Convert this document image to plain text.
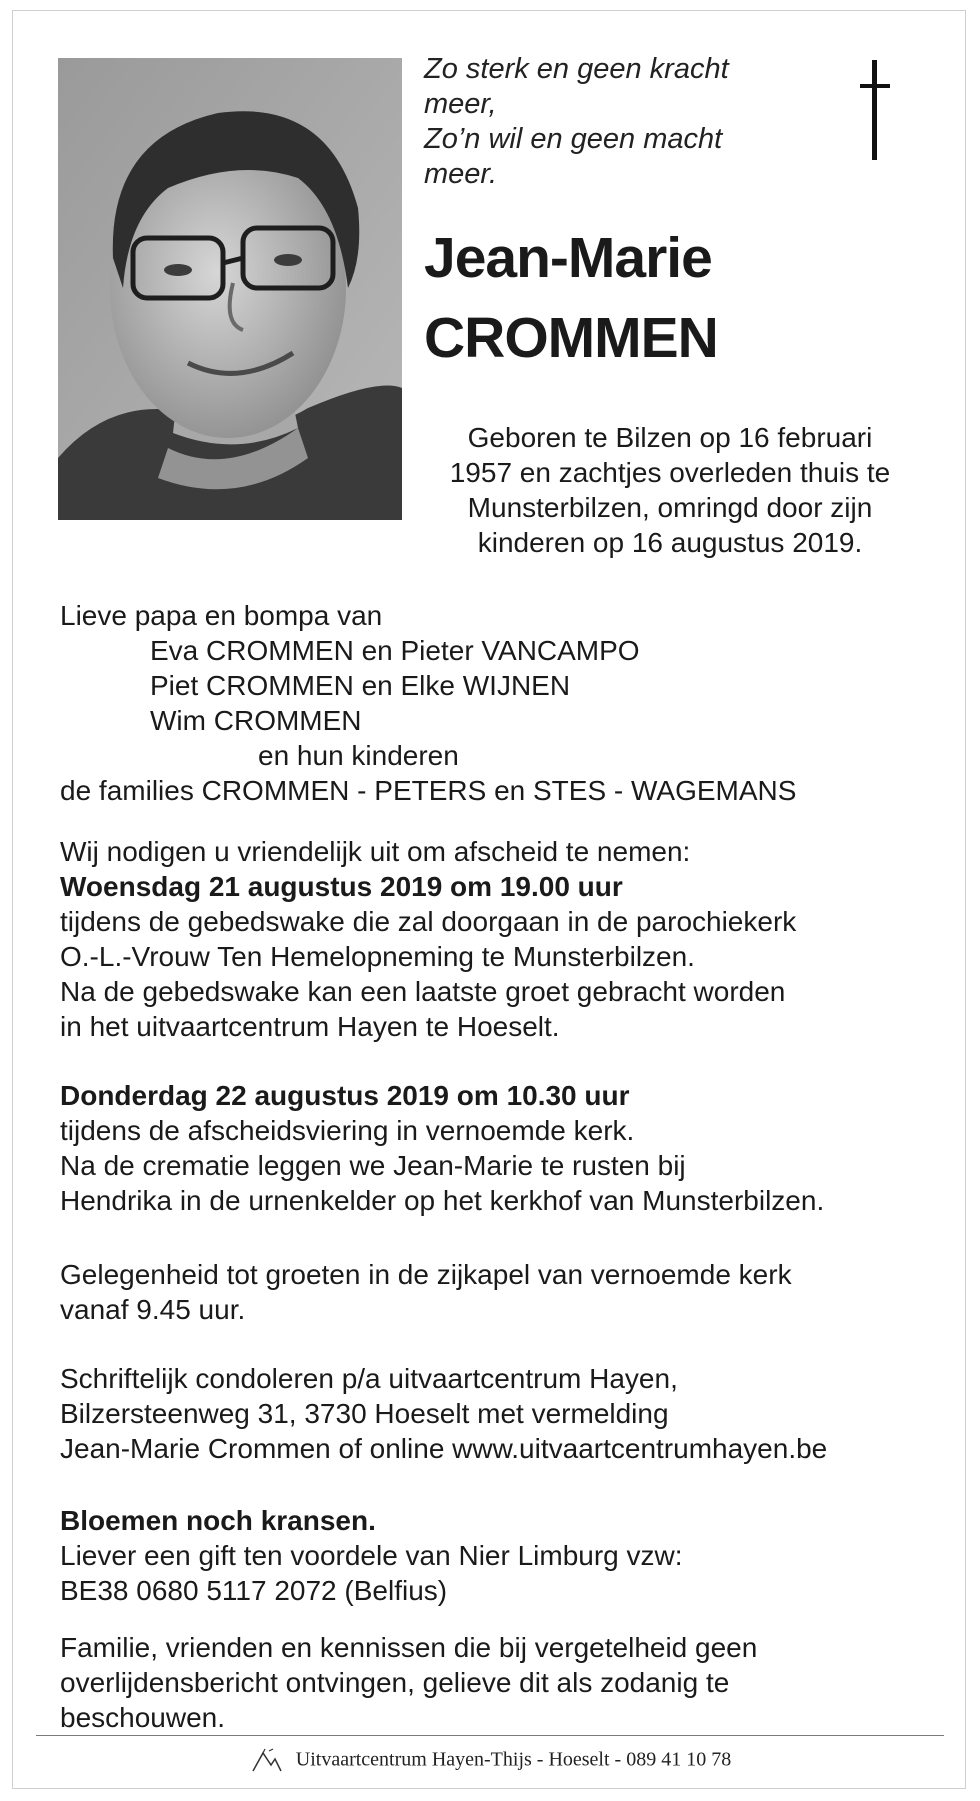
Zo sterk en geen kracht
meer,
Zo’n wil en geen macht
meer.
Jean-Marie
CROMMEN
Geboren te Bilzen op 16 februari
1957 en zachtjes overleden thuis te
Munsterbilzen, omringd door zijn
kinderen op 16 augustus 2019.
Lieve papa en bompa van
Eva CROMMEN en Pieter VANCAMPO
Piet CROMMEN en Elke WIJNEN
Wim CROMMEN
en hun kinderen
de families CROMMEN - PETERS en STES - WAGEMANS
Wij nodigen u vriendelijk uit om afscheid te nemen:
Woensdag 21 augustus 2019 om 19.00 uur
tijdens de gebedswake die zal doorgaan in de parochiekerk
O.-L.-Vrouw Ten Hemelopneming te Munsterbilzen.
Na de gebedswake kan een laatste groet gebracht worden
in het uitvaartcentrum Hayen te Hoeselt.
Donderdag 22 augustus 2019 om 10.30 uur
tijdens de afscheidsviering in vernoemde kerk.
Na de crematie leggen we Jean-Marie te rusten bij
Hendrika in de urnenkelder op het kerkhof van Munsterbilzen.
Gelegenheid tot groeten in de zijkapel van vernoemde kerk
vanaf 9.45 uur.
Schriftelijk condoleren p/a uitvaartcentrum Hayen,
Bilzersteenweg 31, 3730 Hoeselt met vermelding
Jean-Marie Crommen of online www.uitvaartcentrumhayen.be
Bloemen noch kransen.
Liever een gift ten voordele van Nier Limburg vzw:
BE38 0680 5117 2072 (Belfius)
Familie, vrienden en kennissen die bij vergetelheid geen
overlijdensbericht ontvingen, gelieve dit als zodanig te
beschouwen.
Uitvaartcentrum Hayen-Thijs - Hoeselt - 089 41 10 78
